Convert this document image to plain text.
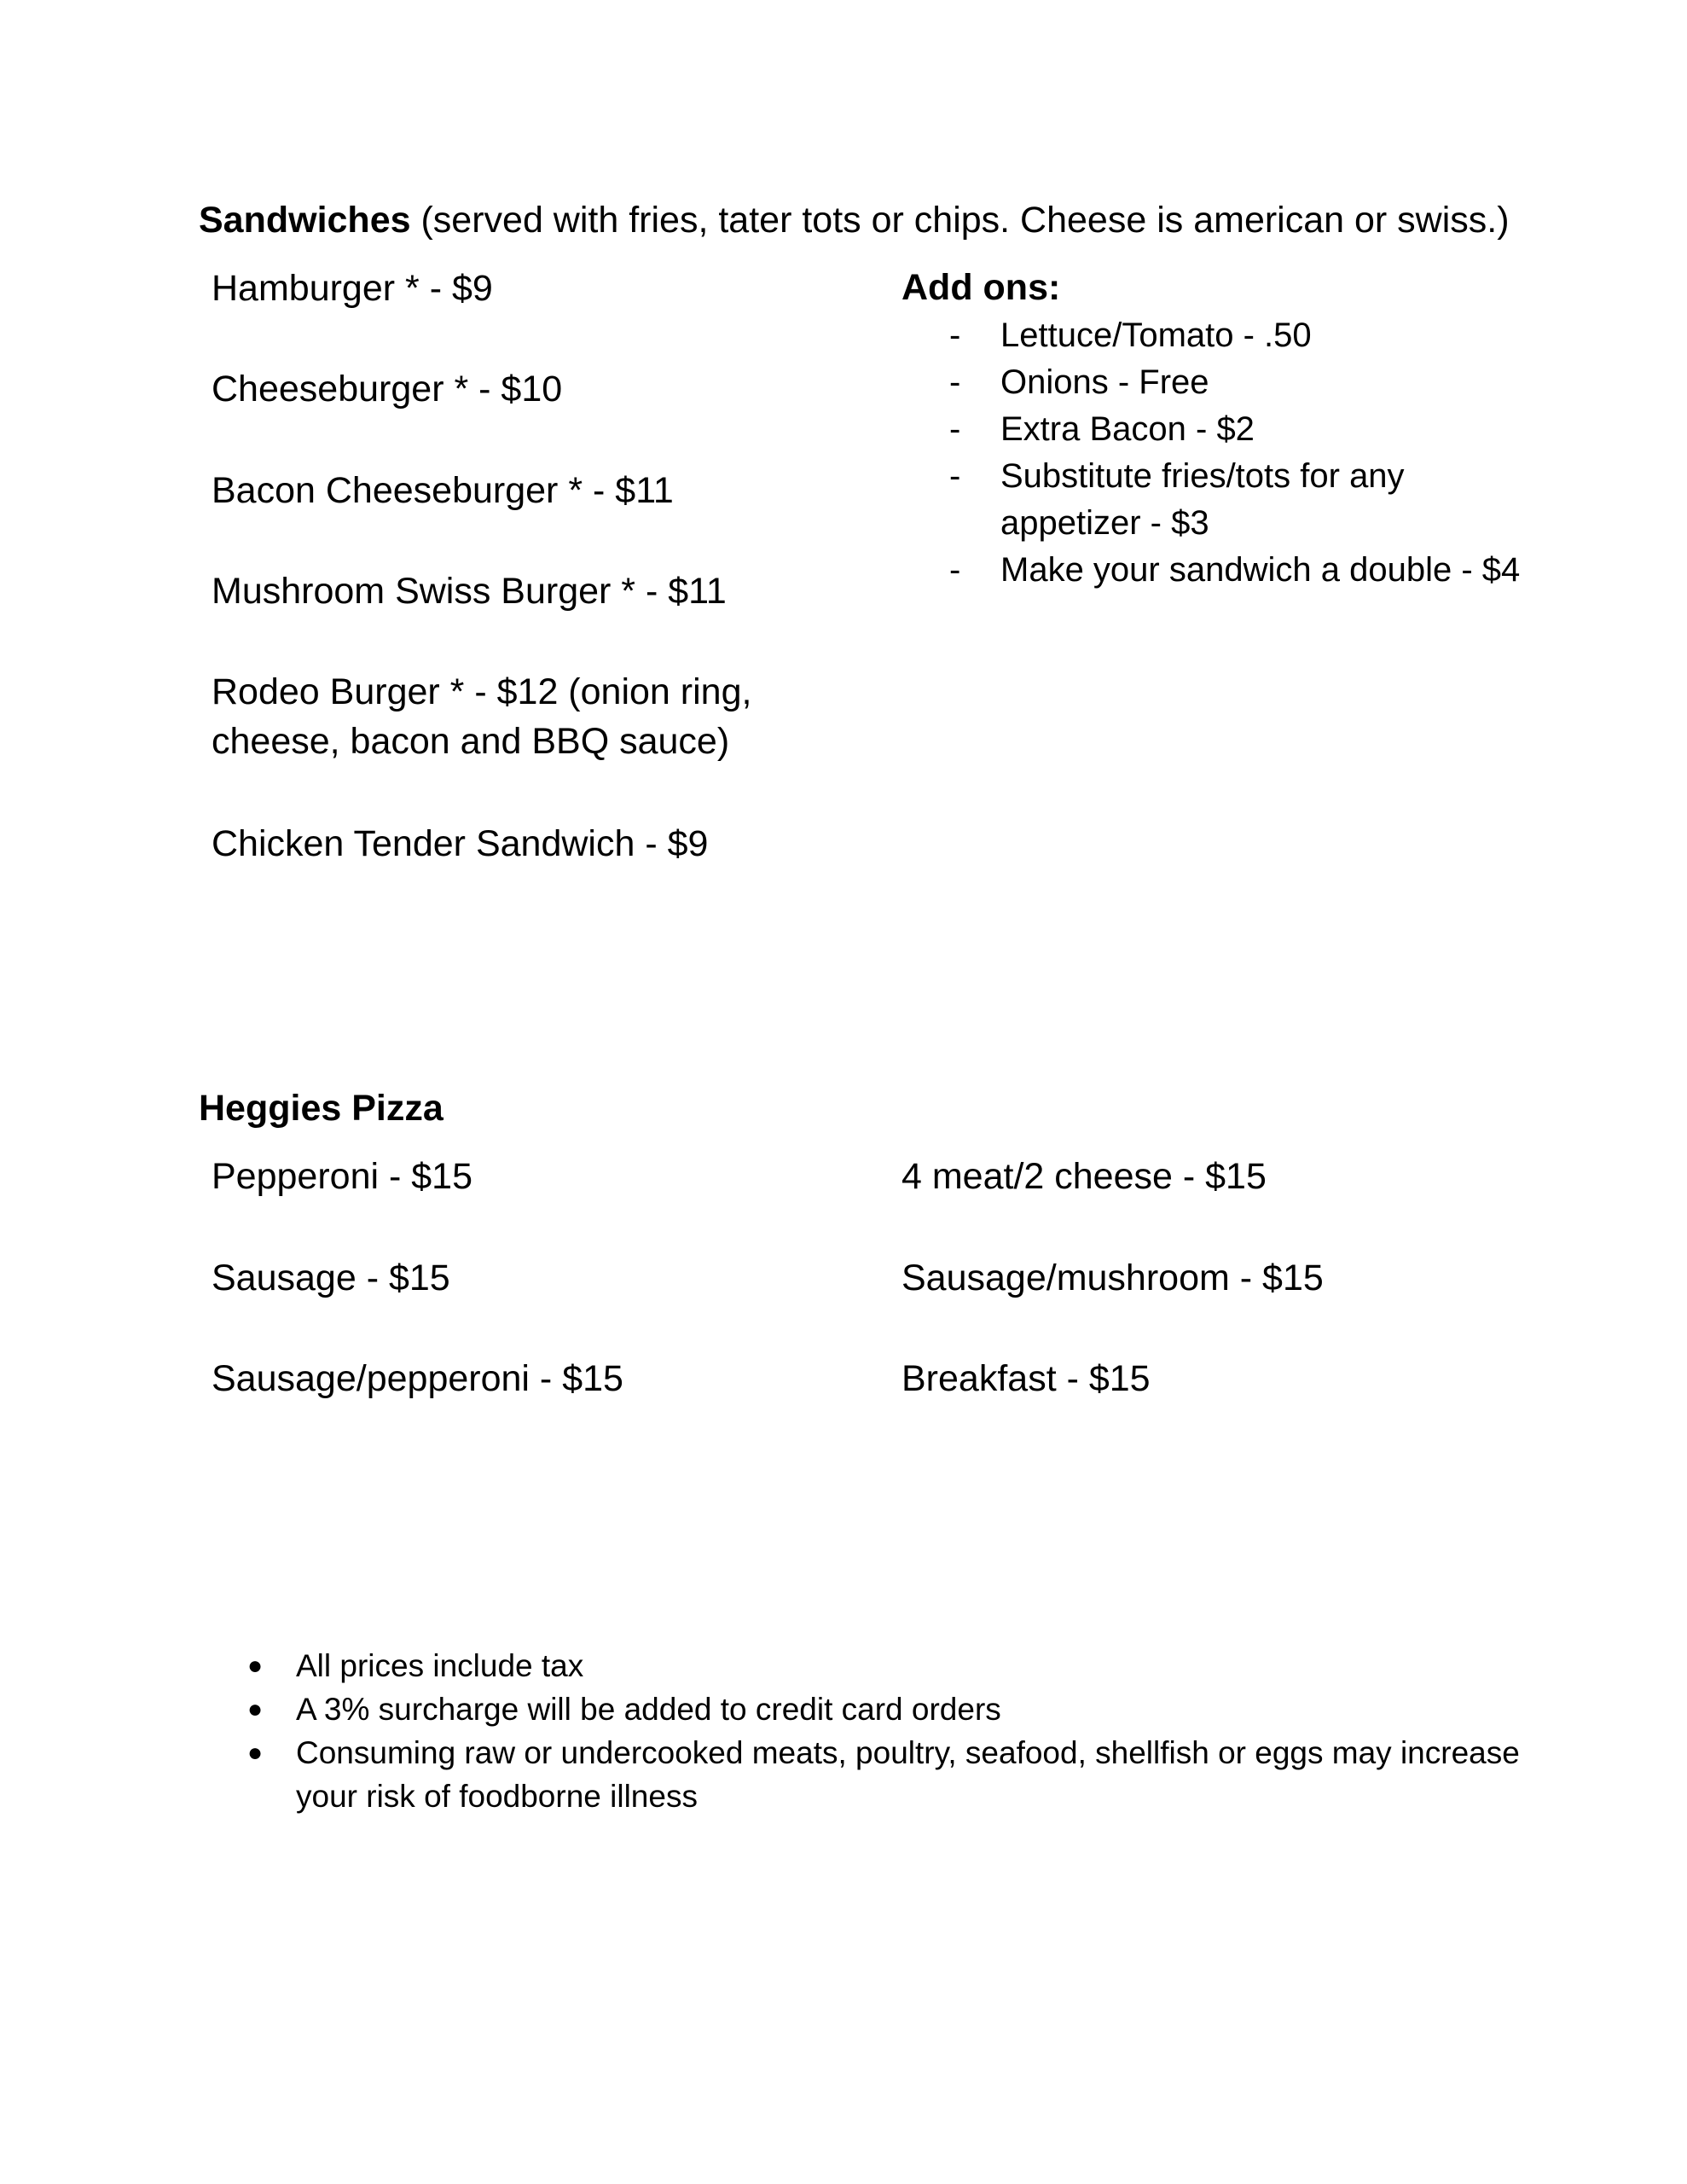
Sandwiches (served with fries, tater tots or chips. Cheese is american or swiss.)
Hamburger * - $9
Cheeseburger * - $10
Bacon Cheeseburger * - $11
Mushroom Swiss Burger * - $11
Rodeo Burger * - $12 (onion ring, cheese, bacon and BBQ sauce)
Chicken Tender Sandwich - $9
Add ons:
- Lettuce/Tomato - .50
- Onions - Free
- Extra Bacon - $2
- Substitute fries/tots for any appetizer - $3
- Make your sandwich a double - $4
Heggies Pizza
Pepperoni - $15
Sausage - $15
Sausage/pepperoni - $15
4 meat/2 cheese - $15
Sausage/mushroom - $15
Breakfast - $15
● All prices include tax
● A 3% surcharge will be added to credit card orders
● Consuming raw or undercooked meats, poultry, seafood, shellfish or eggs may increase your risk of foodborne illness
